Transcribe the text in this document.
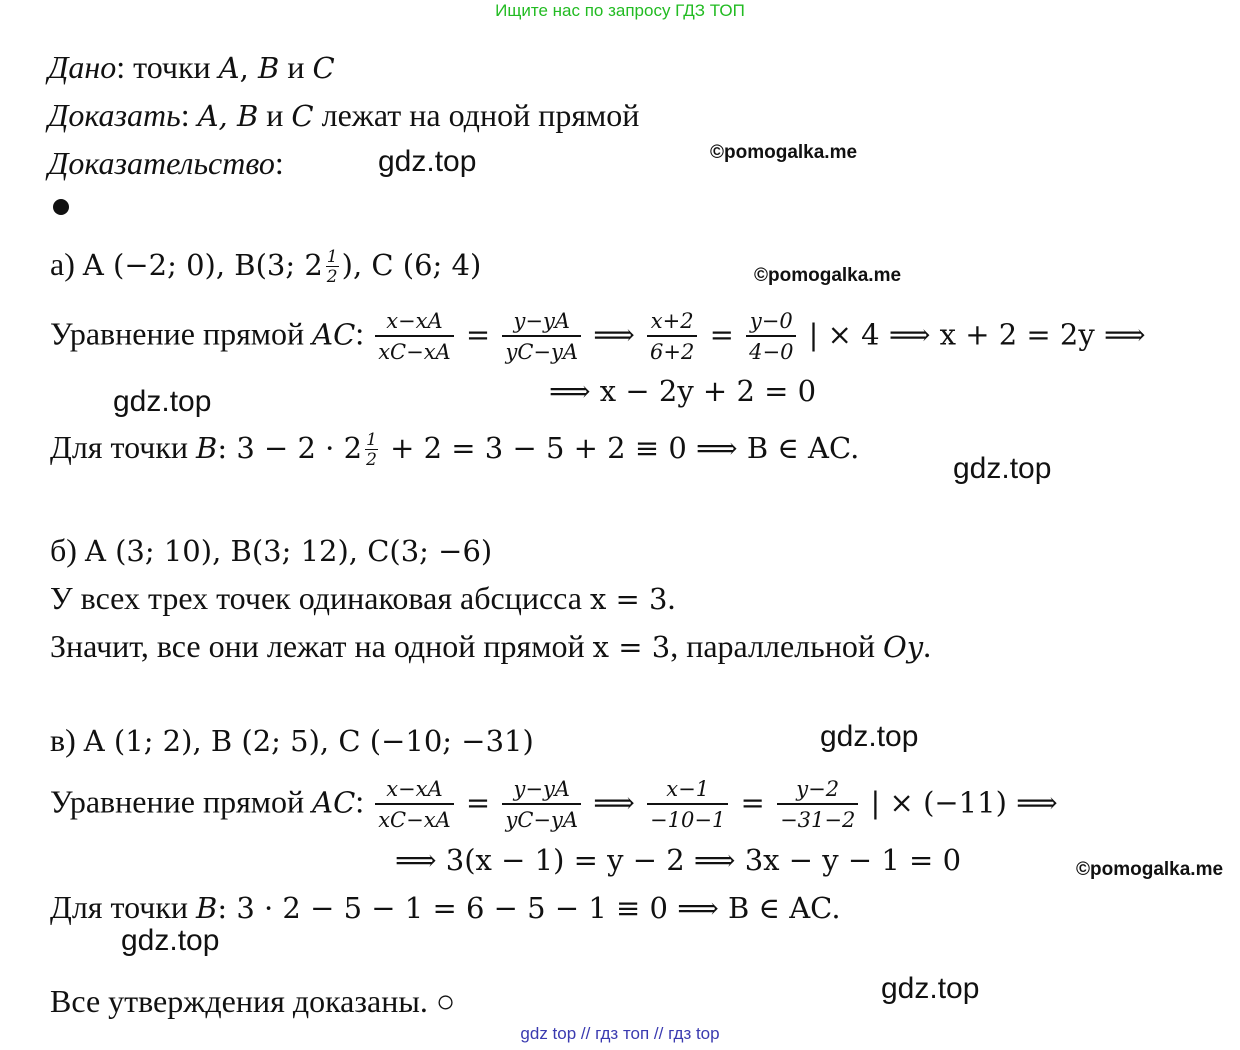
Ищите нас по запросу ГДЗ ТОП
Дано: точки A, B и C
Доказать: A, B и C лежат на одной прямой
Доказательство:	gdz.top	©pomogalka.me
а) A (−2; 0), B(3; $2 \frac{1}{2}$ ), C (6; 4)	©pomogalka.me
Уравнение прямой AC: $\frac{x-xA}{xC-xA} = \frac{y-yA}{yC-yA}$ ⟹ $\frac{x+2}{6+2} = \frac{y-0}{4-0}$ | × 4 ⟹ x + 2 = 2y ⟹
⟹ x − 2y + 2 = 0
gdz.top
Для точки B: $3 - 2 \cdot 2 \frac{1}{2} + 2 = 3 - 5 + 2 \equiv 0$ ⟹ B ∈ AC.
gdz.top
б) A (3; 10), B(3; 12), C(3; −6)
У всех трех точек одинаковая абсцисса x = 3.
Значит, все они лежат на одной прямой x = 3, параллельной Oy.
в) A (1; 2), B (2; 5), C (−10; −31)	gdz.top
Уравнение прямой AC: $\frac{x-xA}{xC-xA} = \frac{y-yA}{yC-yA}$ ⟹ $\frac{x-1}{-10-1} = \frac{y-2}{-31-2}$ | × (−11) ⟹
⟹ 3(x − 1) = y − 2 ⟹ 3x − y − 1 = 0	©pomogalka.me
Для точки B: 3 · 2 − 5 − 1 = 6 − 5 − 1 ≡ 0 ⟹ B ∈ AC.
gdz.top
Все утверждения доказаны. ○	gdz.top
gdz top // гдз топ // гдз top
